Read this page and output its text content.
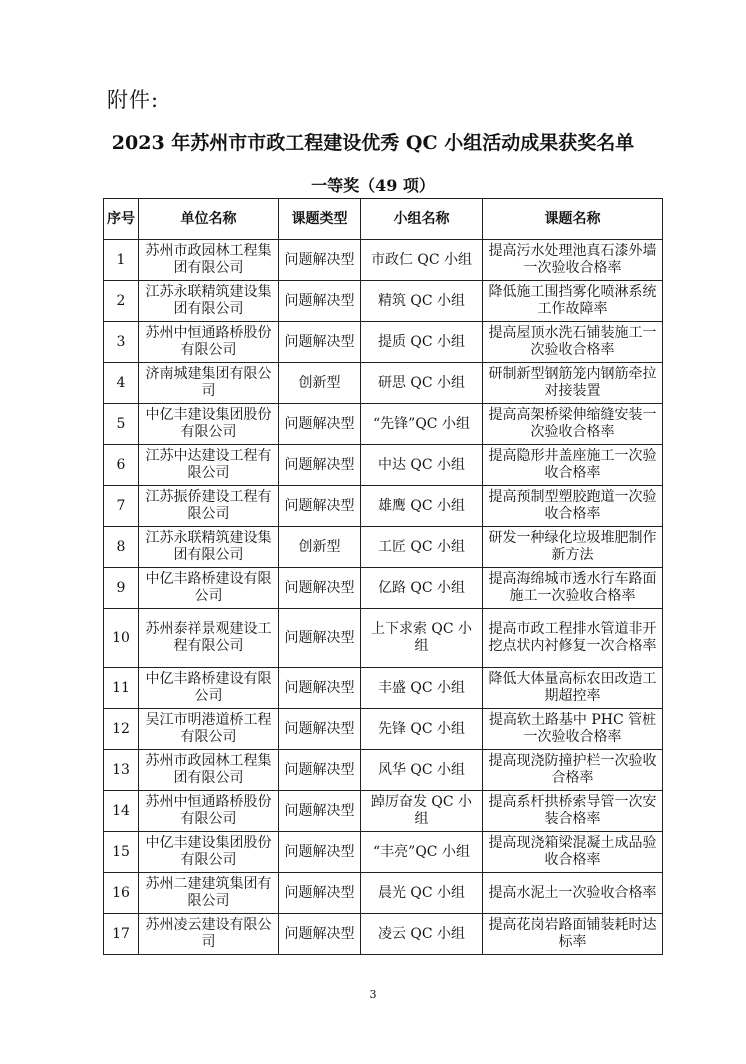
附件:
2023 年苏州市市政工程建设优秀 QC 小组活动成果获奖名单
一等奖（49 项）
序号	单位名称	课题类型	小组名称	课题名称
1	苏州市政园林工程集团有限公司	问题解决型	市政仁 QC 小组	提高污水处理池真石漆外墙一次验收合格率
2	江苏永联精筑建设集团有限公司	问题解决型	精筑 QC 小组	降低施工围挡雾化喷淋系统工作故障率
3	苏州中恒通路桥股份有限公司	问题解决型	提质 QC 小组	提高屋顶水洗石铺装施工一次验收合格率
4	济南城建集团有限公司	创新型	研思 QC 小组	研制新型钢筋笼内钢筋牵拉对接装置
5	中亿丰建设集团股份有限公司	问题解决型	“先锋”QC 小组	提高高架桥梁伸缩缝安装一次验收合格率
6	江苏中达建设工程有限公司	问题解决型	中达 QC 小组	提高隐形井盖座施工一次验收合格率
7	江苏振侨建设工程有限公司	问题解决型	雄鹰 QC 小组	提高预制型塑胶跑道一次验收合格率
8	江苏永联精筑建设集团有限公司	创新型	工匠 QC 小组	研发一种绿化垃圾堆肥制作新方法
9	中亿丰路桥建设有限公司	问题解决型	亿路 QC 小组	提高海绵城市透水行车路面施工一次验收合格率
10	苏州泰祥景观建设工程有限公司	问题解决型	上下求索 QC 小组	提高市政工程排水管道非开挖点状内衬修复一次合格率
11	中亿丰路桥建设有限公司	问题解决型	丰盛 QC 小组	降低大体量高标农田改造工期超控率
12	吴江市明港道桥工程有限公司	问题解决型	先锋 QC 小组	提高软土路基中 PHC 管桩一次验收合格率
13	苏州市政园林工程集团有限公司	问题解决型	风华 QC 小组	提高现浇防撞护栏一次验收合格率
14	苏州中恒通路桥股份有限公司	问题解决型	踔厉奋发 QC 小组	提高系杆拱桥索导管一次安装合格率
15	中亿丰建设集团股份有限公司	问题解决型	“丰亮”QC 小组	提高现浇箱梁混凝土成品验收合格率
16	苏州二建建筑集团有限公司	问题解决型	晨光 QC 小组	提高水泥土一次验收合格率
17	苏州凌云建设有限公司	问题解决型	凌云 QC 小组	提高花岗岩路面铺装耗时达标率
3
